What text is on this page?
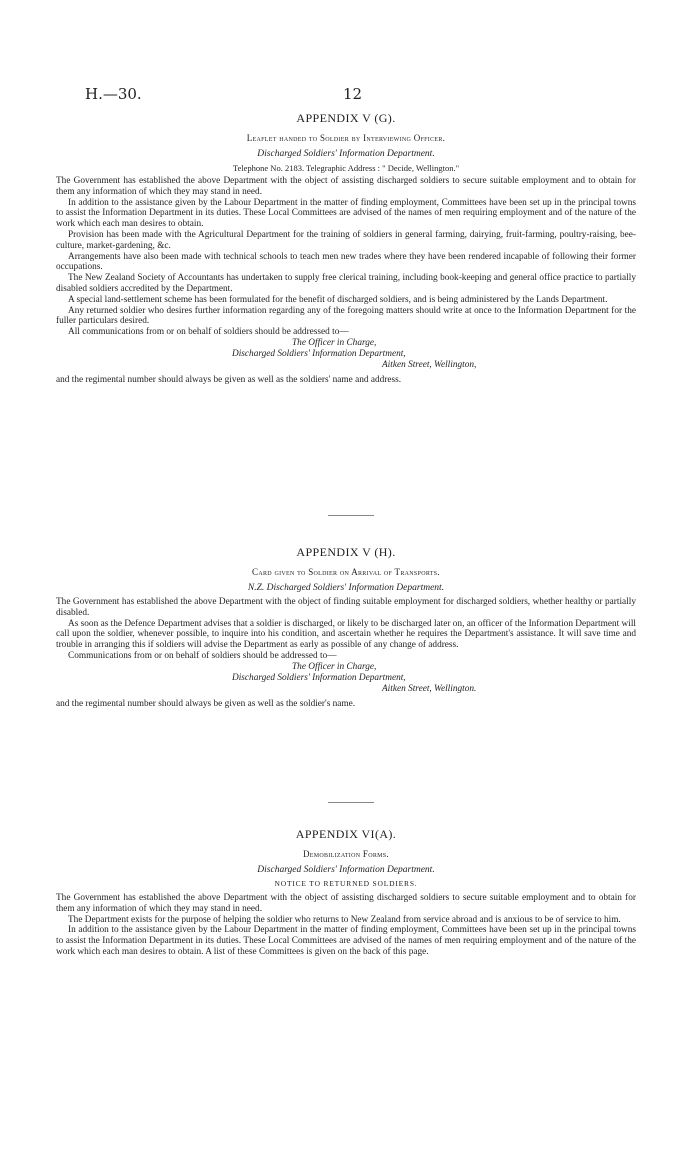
H.—30.	12
APPENDIX V (G).
Leaflet handed to Soldier by Interviewing Officer.
Discharged Soldiers' Information Department.
Telephone No. 2183. Telegraphic Address : " Decide, Wellington."

The Government has established the above Department with the object of assisting discharged soldiers to secure suitable employment and to obtain for them any information of which they may stand in need.

In addition to the assistance given by the Labour Department in the matter of finding employment, Committees have been set up in the principal towns to assist the Information Department in its duties. These Local Committees are advised of the names of men requiring employment and of the nature of the work which each man desires to obtain.

Provision has been made with the Agricultural Department for the training of soldiers in general farming, dairying, fruit-farming, poultry-raising, bee-culture, market-gardening, &c.

Arrangements have also been made with technical schools to teach men new trades where they have been rendered incapable of following their former occupations.

The New Zealand Society of Accountants has undertaken to supply free clerical training, including book-keeping and general office practice to partially disabled soldiers accredited by the Department.

A special land-settlement scheme has been formulated for the benefit of discharged soldiers, and is being administered by the Lands Department.

Any returned soldier who desires further information regarding any of the foregoing matters should write at once to the Information Department for the fuller particulars desired.

All communications from or on behalf of soldiers should be addressed to—

The Officer in Charge,
Discharged Soldiers' Information Department,
Aitken Street, Wellington,
and the regimental number should always be given as well as the soldiers' name and address.
APPENDIX V (H).
Card given to Soldier on Arrival of Transports.
N.Z. Discharged Soldiers' Information Department.

The Government has established the above Department with the object of finding suitable employment for discharged soldiers, whether healthy or partially disabled.

As soon as the Defence Department advises that a soldier is discharged, or likely to be discharged later on, an officer of the Information Department will call upon the soldier, whenever possible, to inquire into his condition, and ascertain whether he requires the Department's assistance. It will save time and trouble in arranging this if soldiers will advise the Department as early as possible of any change of address.

Communications from or on behalf of soldiers should be addressed to—

The Officer in Charge,
Discharged Soldiers' Information Department,
Aitken Street, Wellington.
and the regimental number should always be given as well as the soldier's name.
APPENDIX VI(A).
Demobilization Forms.
Discharged Soldiers' Information Department.
NOTICE TO RETURNED SOLDIERS.

The Government has established the above Department with the object of assisting discharged soldiers to secure suitable employment and to obtain for them any information of which they may stand in need.

The Department exists for the purpose of helping the soldier who returns to New Zealand from service abroad and is anxious to be of service to him.

In addition to the assistance given by the Labour Department in the matter of finding employment, Committees have been set up in the principal towns to assist the Information Department in its duties. These Local Committees are advised of the names of men requiring employment and of the nature of the work which each man desires to obtain. A list of these Committees is given on the back of this page.
